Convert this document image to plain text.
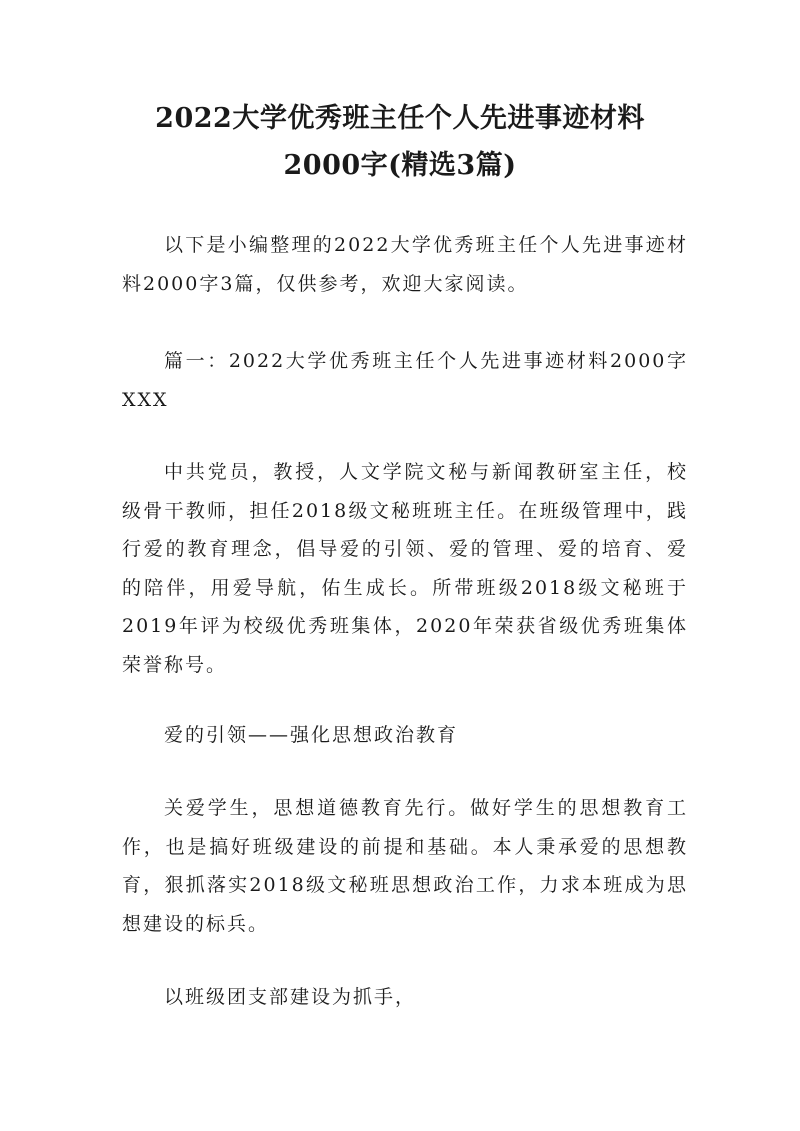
2022大学优秀班主任个人先进事迹材料
2000字(精选3篇)

以下是小编整理的2022大学优秀班主任个人先进事迹材料2000字3篇，仅供参考，欢迎大家阅读。

篇一：2022大学优秀班主任个人先进事迹材料2000字XXX

中共党员，教授，人文学院文秘与新闻教研室主任，校级骨干教师，担任2018级文秘班班主任。在班级管理中，践行爱的教育理念，倡导爱的引领、爱的管理、爱的培育、爱的陪伴，用爱导航，佑生成长。所带班级2018级文秘班于2019年评为校级优秀班集体，2020年荣获省级优秀班集体荣誉称号。

爱的引领——强化思想政治教育

关爱学生，思想道德教育先行。做好学生的思想教育工作，也是搞好班级建设的前提和基础。本人秉承爱的思想教育，狠抓落实2018级文秘班思想政治工作，力求本班成为思想建设的标兵。

以班级团支部建设为抓手，
